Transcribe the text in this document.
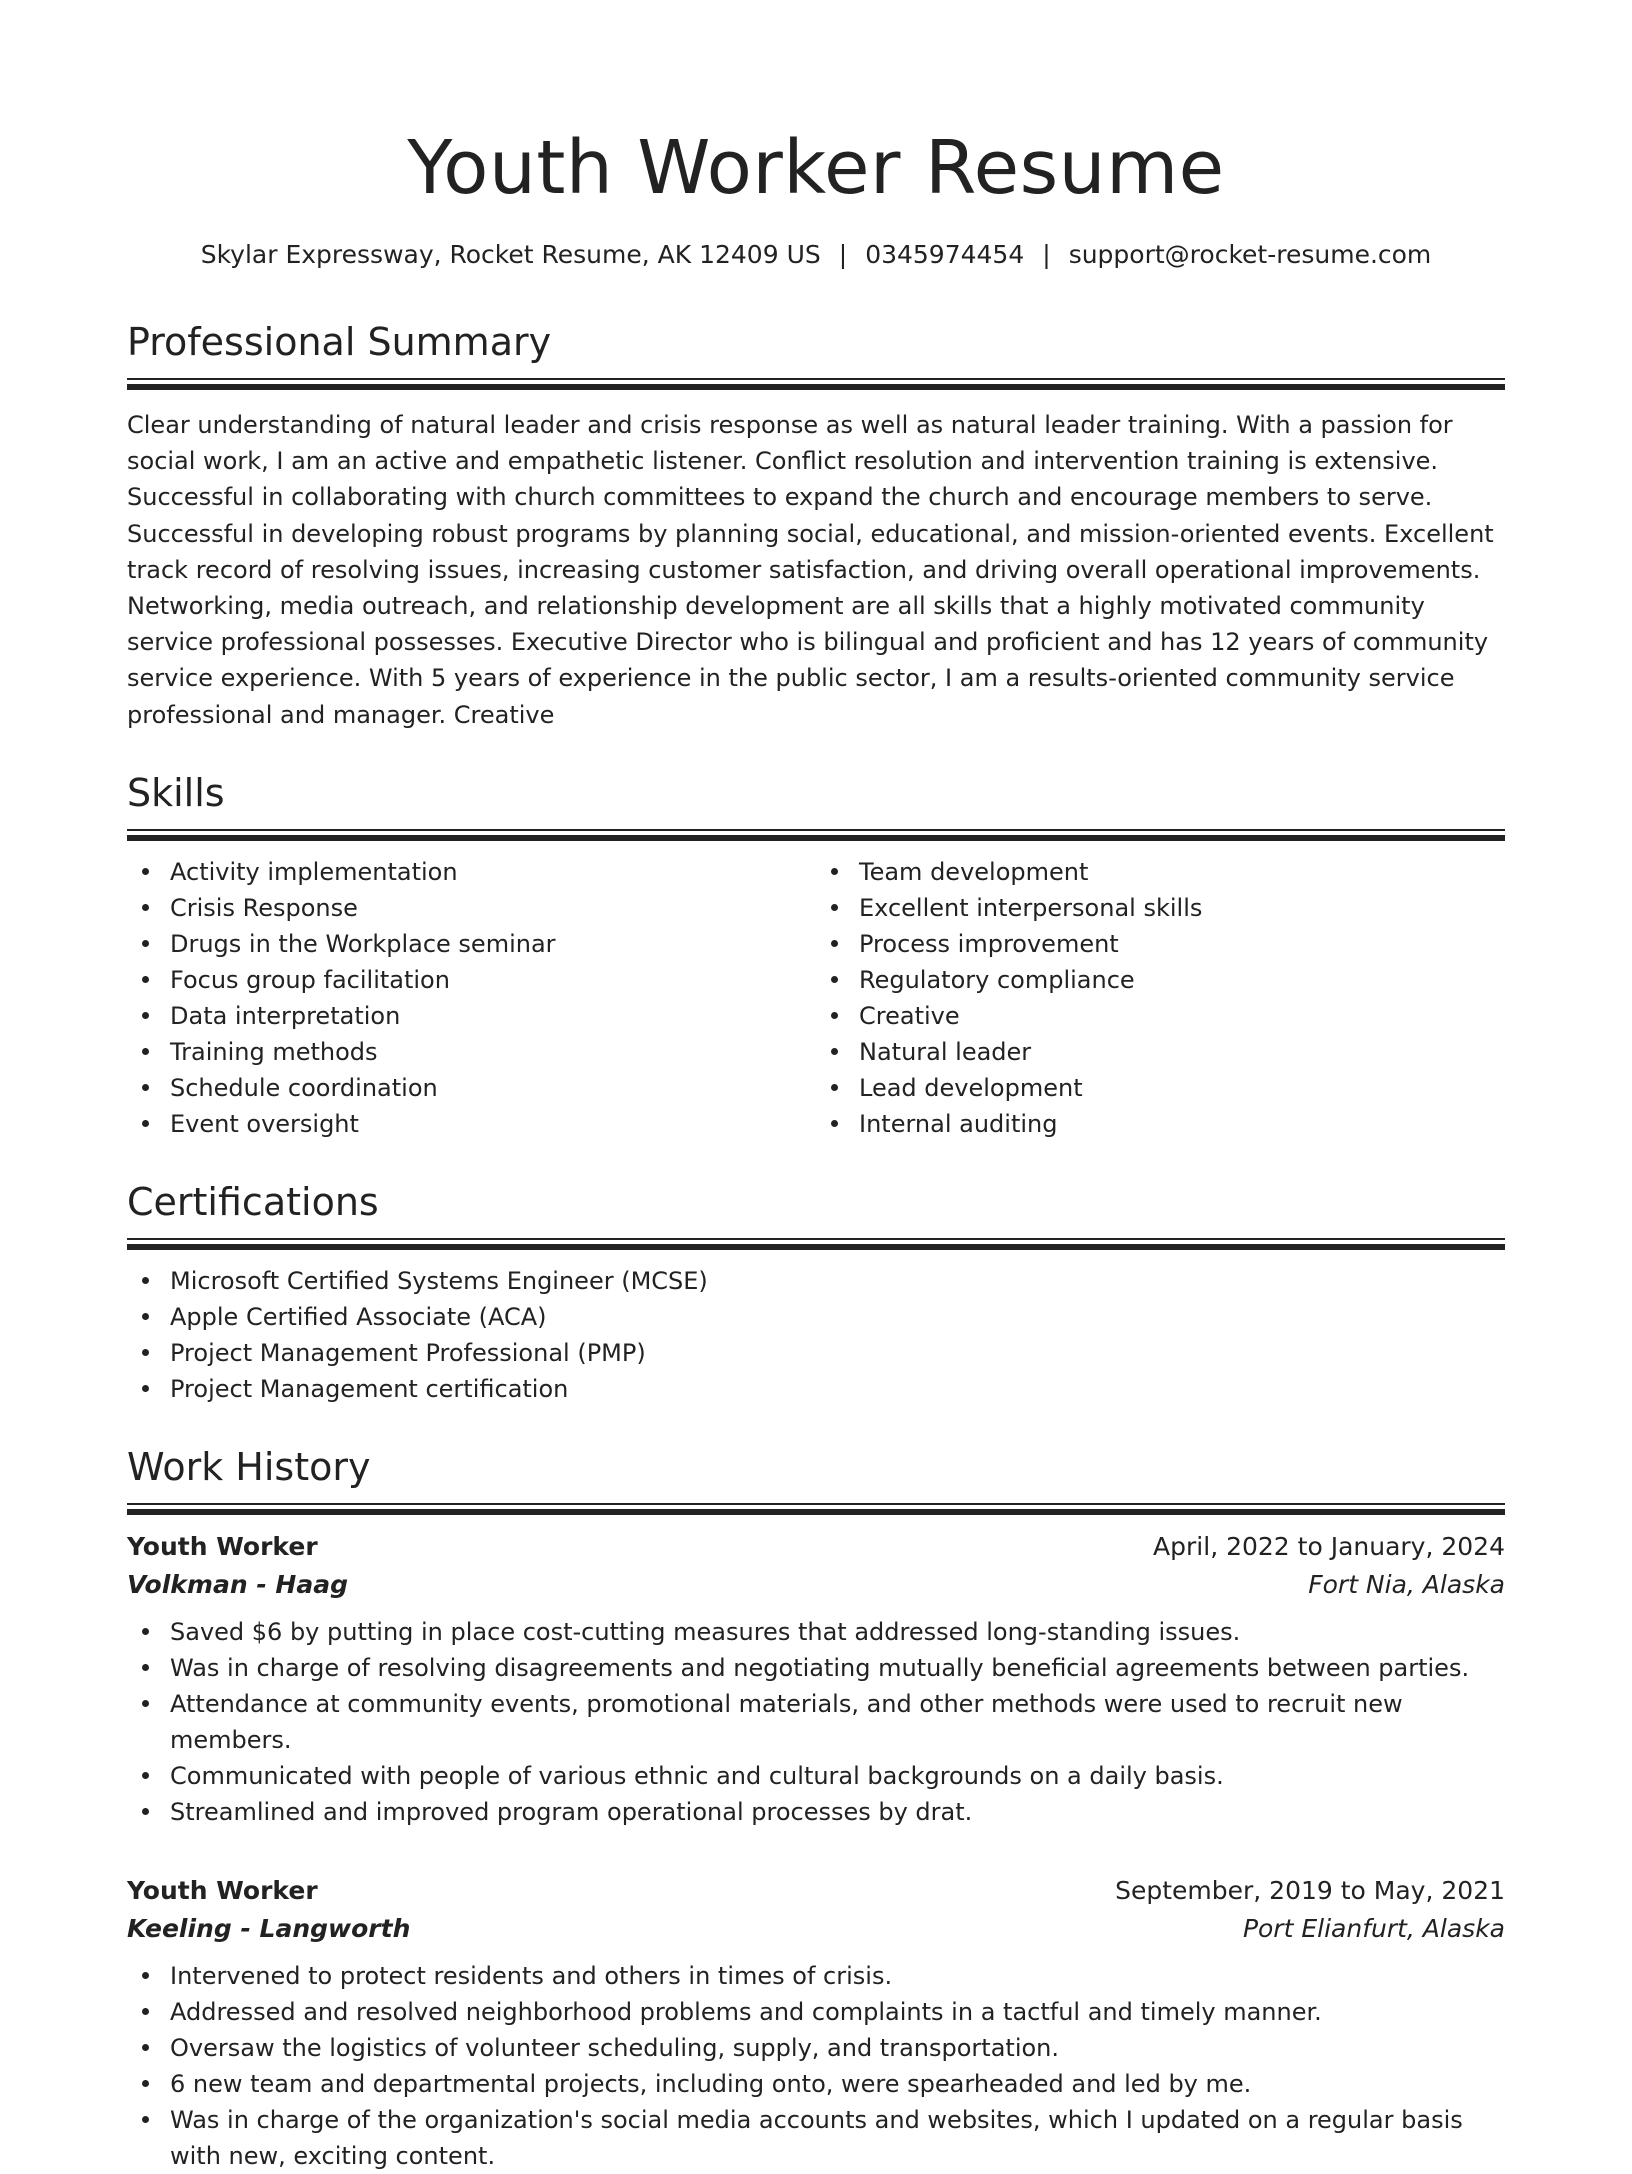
Youth Worker Resume
Skylar Expressway, Rocket Resume, AK 12409 US | 0345974454 | support@rocket-resume.com
Professional Summary
Clear understanding of natural leader and crisis response as well as natural leader training. With a passion for social work, I am an active and empathetic listener. Conflict resolution and intervention training is extensive. Successful in collaborating with church committees to expand the church and encourage members to serve. Successful in developing robust programs by planning social, educational, and mission-oriented events. Excellent track record of resolving issues, increasing customer satisfaction, and driving overall operational improvements. Networking, media outreach, and relationship development are all skills that a highly motivated community service professional possesses. Executive Director who is bilingual and proficient and has 12 years of community service experience. With 5 years of experience in the public sector, I am a results-oriented community service professional and manager. Creative
Skills
Activity implementation
Crisis Response
Drugs in the Workplace seminar
Focus group facilitation
Data interpretation
Training methods
Schedule coordination
Event oversight
Team development
Excellent interpersonal skills
Process improvement
Regulatory compliance
Creative
Natural leader
Lead development
Internal auditing
Certifications
Microsoft Certified Systems Engineer (MCSE)
Apple Certified Associate (ACA)
Project Management Professional (PMP)
Project Management certification
Work History
Youth Worker	April, 2022 to January, 2024
Volkman - Haag	Fort Nia, Alaska
Saved $6 by putting in place cost-cutting measures that addressed long-standing issues.
Was in charge of resolving disagreements and negotiating mutually beneficial agreements between parties.
Attendance at community events, promotional materials, and other methods were used to recruit new members.
Communicated with people of various ethnic and cultural backgrounds on a daily basis.
Streamlined and improved program operational processes by drat.
Youth Worker	September, 2019 to May, 2021
Keeling - Langworth	Port Elianfurt, Alaska
Intervened to protect residents and others in times of crisis.
Addressed and resolved neighborhood problems and complaints in a tactful and timely manner.
Oversaw the logistics of volunteer scheduling, supply, and transportation.
6 new team and departmental projects, including onto, were spearheaded and led by me.
Was in charge of the organization's social media accounts and websites, which I updated on a regular basis with new, exciting content.
